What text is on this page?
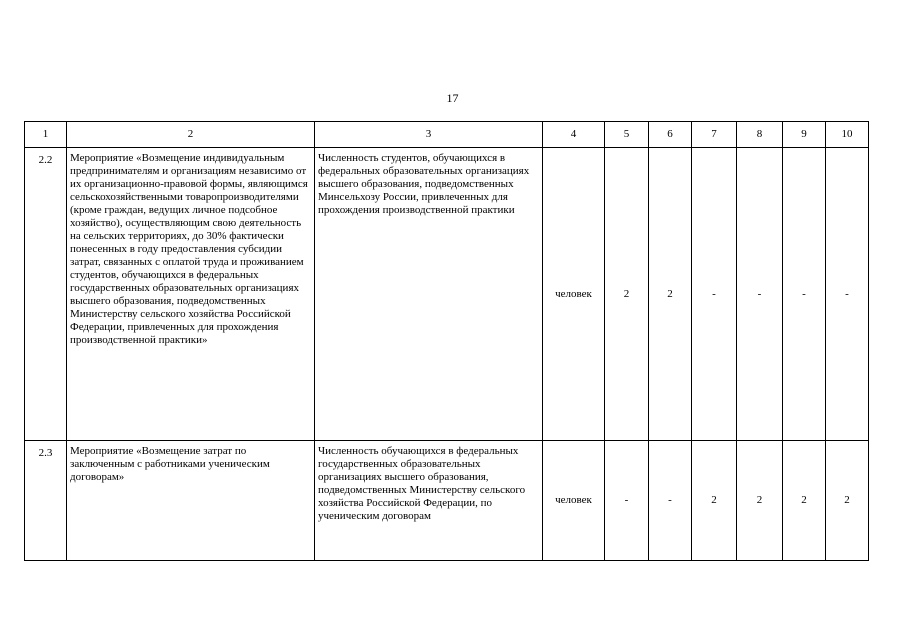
17
1	2	3	4	5	6	7	8	9	10
2.2	Мероприятие «Возмещение индивидуальным предпринимателям и организациям независимо от их организационно-правовой формы, являющимся сельскохозяйственными товаропроизводителями (кроме граждан, ведущих личное подсобное хозяйство), осуществляющим свою деятельность на сельских территориях, до 30% фактически понесенных в году предоставления субсидии затрат, связанных с оплатой труда и проживанием студентов, обучающихся в федеральных государственных образовательных организациях высшего образования, подведомственных Министерству сельского хозяйства Российской Федерации, привлеченных для прохождения производственной практики»	Численность студентов, обучающихся в федеральных образовательных организациях высшего образования, подведомственных Минсельхозу России, привлеченных для прохождения производственной практики	человек	2	2	-	-	-	-
2.3	Мероприятие «Возмещение затрат по заключенным с работниками ученическим договорам»	Численность обучающихся в федеральных государственных образовательных организациях высшего образования, подведомственных Министерству сельского хозяйства Российской Федерации, по ученическим договорам	человек	-	-	2	2	2	2
